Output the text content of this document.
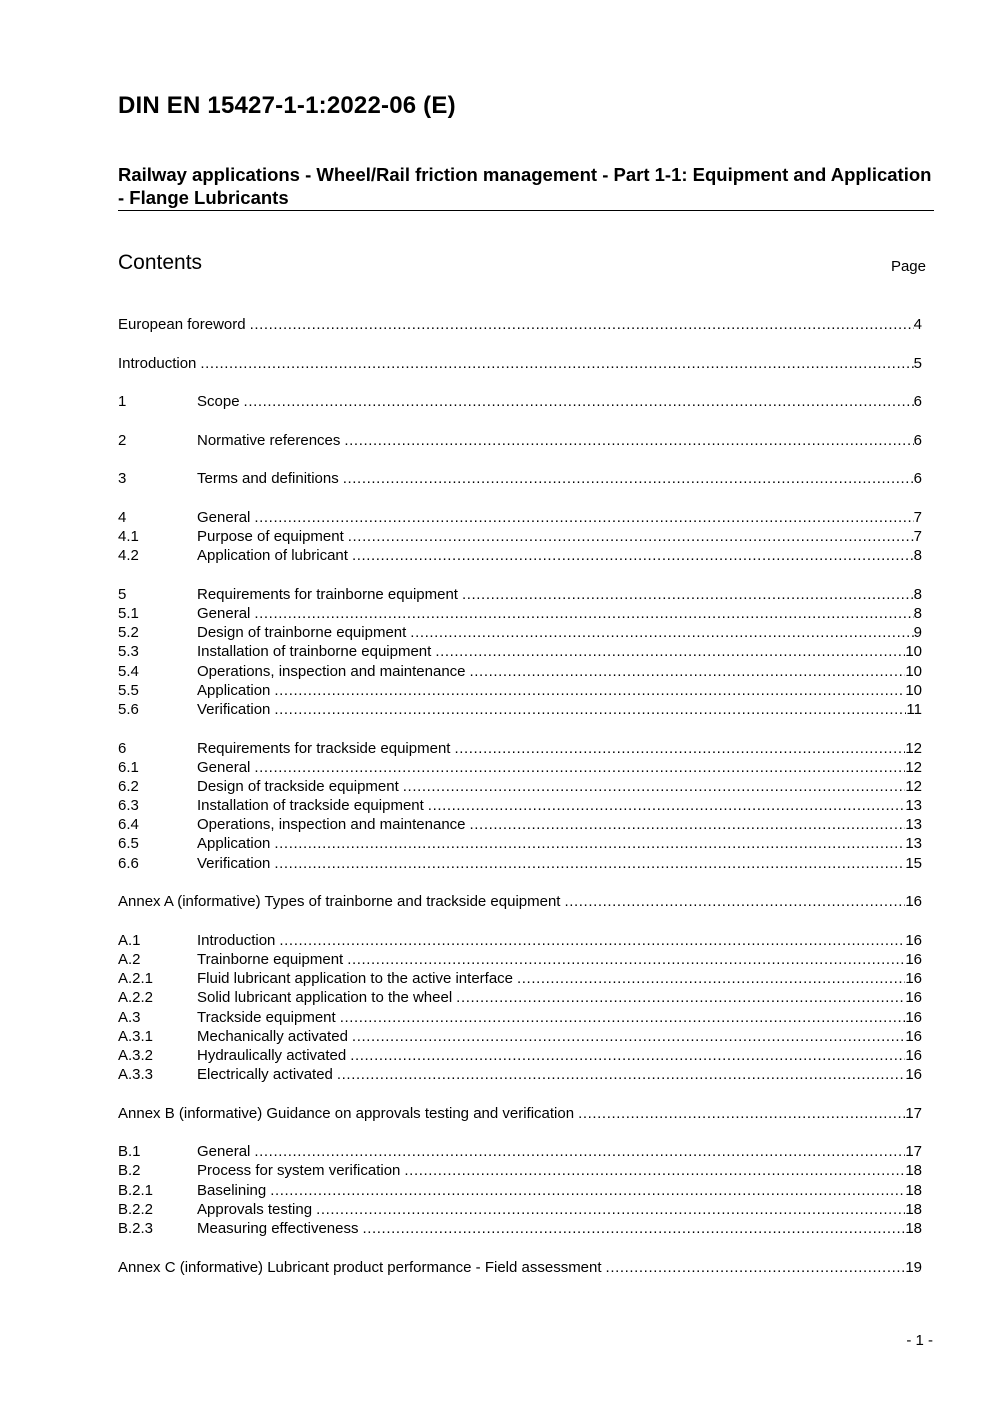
DIN EN 15427-1-1:2022-06 (E)
Railway applications - Wheel/Rail friction management - Part 1-1: Equipment and Application - Flange Lubricants
Contents	Page
European foreword .....	4
Introduction .....	5
1	Scope .....	6
2	Normative references .....	6
3	Terms and definitions .....	6
4	General .....	7
4.1	Purpose of equipment .....	7
4.2	Application of lubricant .....	8
5	Requirements for trainborne equipment .....	8
5.1	General .....	8
5.2	Design of trainborne equipment .....	9
5.3	Installation of trainborne equipment .....	10
5.4	Operations, inspection and maintenance .....	10
5.5	Application .....	10
5.6	Verification .....	11
6	Requirements for trackside equipment .....	12
6.1	General .....	12
6.2	Design of trackside equipment .....	12
6.3	Installation of trackside equipment .....	13
6.4	Operations, inspection and maintenance .....	13
6.5	Application .....	13
6.6	Verification .....	15
Annex A (informative) Types of trainborne and trackside equipment .....	16
A.1	Introduction .....	16
A.2	Trainborne equipment .....	16
A.2.1	Fluid lubricant application to the active interface .....	16
A.2.2	Solid lubricant application to the wheel .....	16
A.3	Trackside equipment .....	16
A.3.1	Mechanically activated .....	16
A.3.2	Hydraulically activated .....	16
A.3.3	Electrically activated .....	16
Annex B (informative) Guidance on approvals testing and verification .....	17
B.1	General .....	17
B.2	Process for system verification .....	18
B.2.1	Baselining .....	18
B.2.2	Approvals testing .....	18
B.2.3	Measuring effectiveness .....	18
Annex C (informative) Lubricant product performance - Field assessment .....	19
- 1 -
